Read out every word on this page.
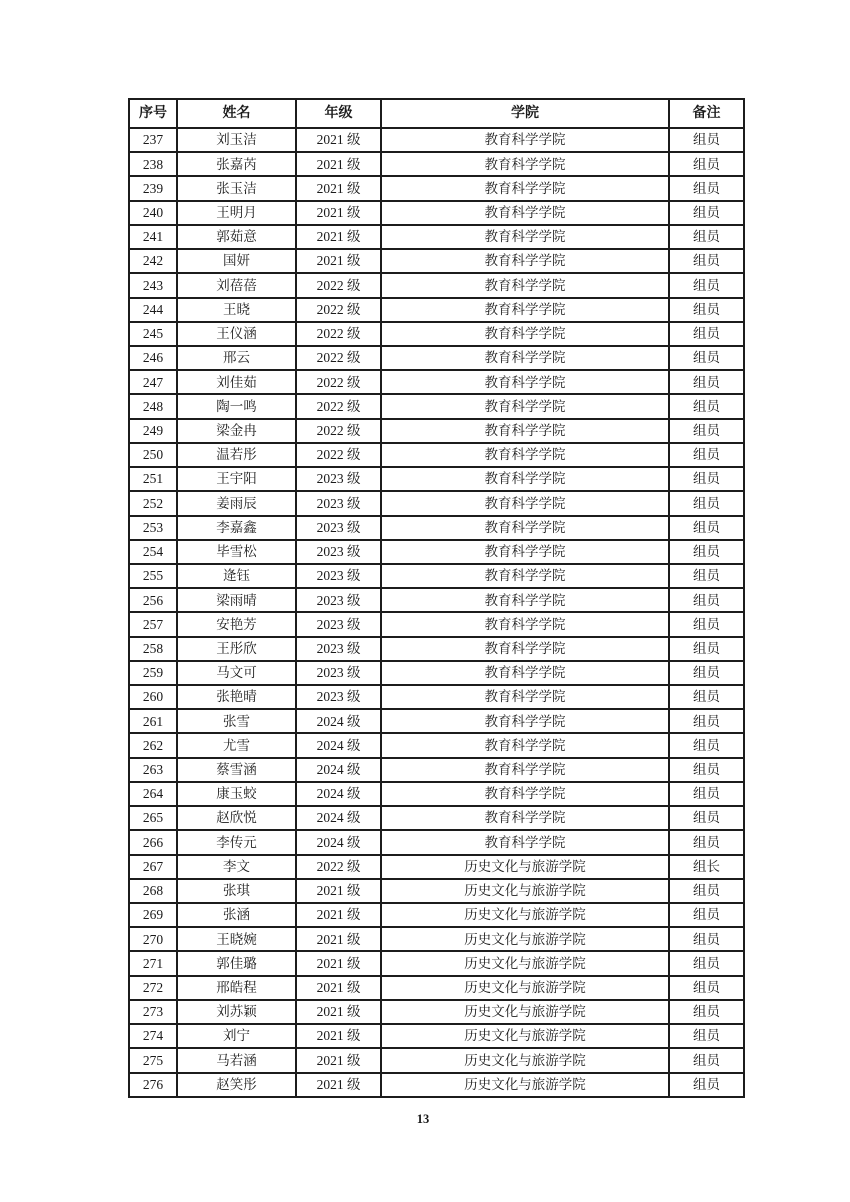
序号	姓名	年级	学院	备注
237	刘玉洁	2021 级	教育科学学院	组员
238	张嘉芮	2021 级	教育科学学院	组员
239	张玉洁	2021 级	教育科学学院	组员
240	王明月	2021 级	教育科学学院	组员
241	郭茹意	2021 级	教育科学学院	组员
242	国妍	2021 级	教育科学学院	组员
243	刘蓓蓓	2022 级	教育科学学院	组员
244	王晓	2022 级	教育科学学院	组员
245	王仪涵	2022 级	教育科学学院	组员
246	邢云	2022 级	教育科学学院	组员
247	刘佳茹	2022 级	教育科学学院	组员
248	陶一鸣	2022 级	教育科学学院	组员
249	梁金冉	2022 级	教育科学学院	组员
250	温若彤	2022 级	教育科学学院	组员
251	王宇阳	2023 级	教育科学学院	组员
252	姜雨辰	2023 级	教育科学学院	组员
253	李嘉鑫	2023 级	教育科学学院	组员
254	毕雪松	2023 级	教育科学学院	组员
255	逄钰	2023 级	教育科学学院	组员
256	梁雨晴	2023 级	教育科学学院	组员
257	安艳芳	2023 级	教育科学学院	组员
258	王彤欣	2023 级	教育科学学院	组员
259	马文可	2023 级	教育科学学院	组员
260	张艳晴	2023 级	教育科学学院	组员
261	张雪	2024 级	教育科学学院	组员
262	尤雪	2024 级	教育科学学院	组员
263	蔡雪涵	2024 级	教育科学学院	组员
264	康玉蛟	2024 级	教育科学学院	组员
265	赵欣悦	2024 级	教育科学学院	组员
266	李传元	2024 级	教育科学学院	组员
267	李文	2022 级	历史文化与旅游学院	组长
268	张琪	2021 级	历史文化与旅游学院	组员
269	张涵	2021 级	历史文化与旅游学院	组员
270	王晓婉	2021 级	历史文化与旅游学院	组员
271	郭佳璐	2021 级	历史文化与旅游学院	组员
272	邢皓程	2021 级	历史文化与旅游学院	组员
273	刘苏颖	2021 级	历史文化与旅游学院	组员
274	刘宁	2021 级	历史文化与旅游学院	组员
275	马若涵	2021 级	历史文化与旅游学院	组员
276	赵笑彤	2021 级	历史文化与旅游学院	组员
13
